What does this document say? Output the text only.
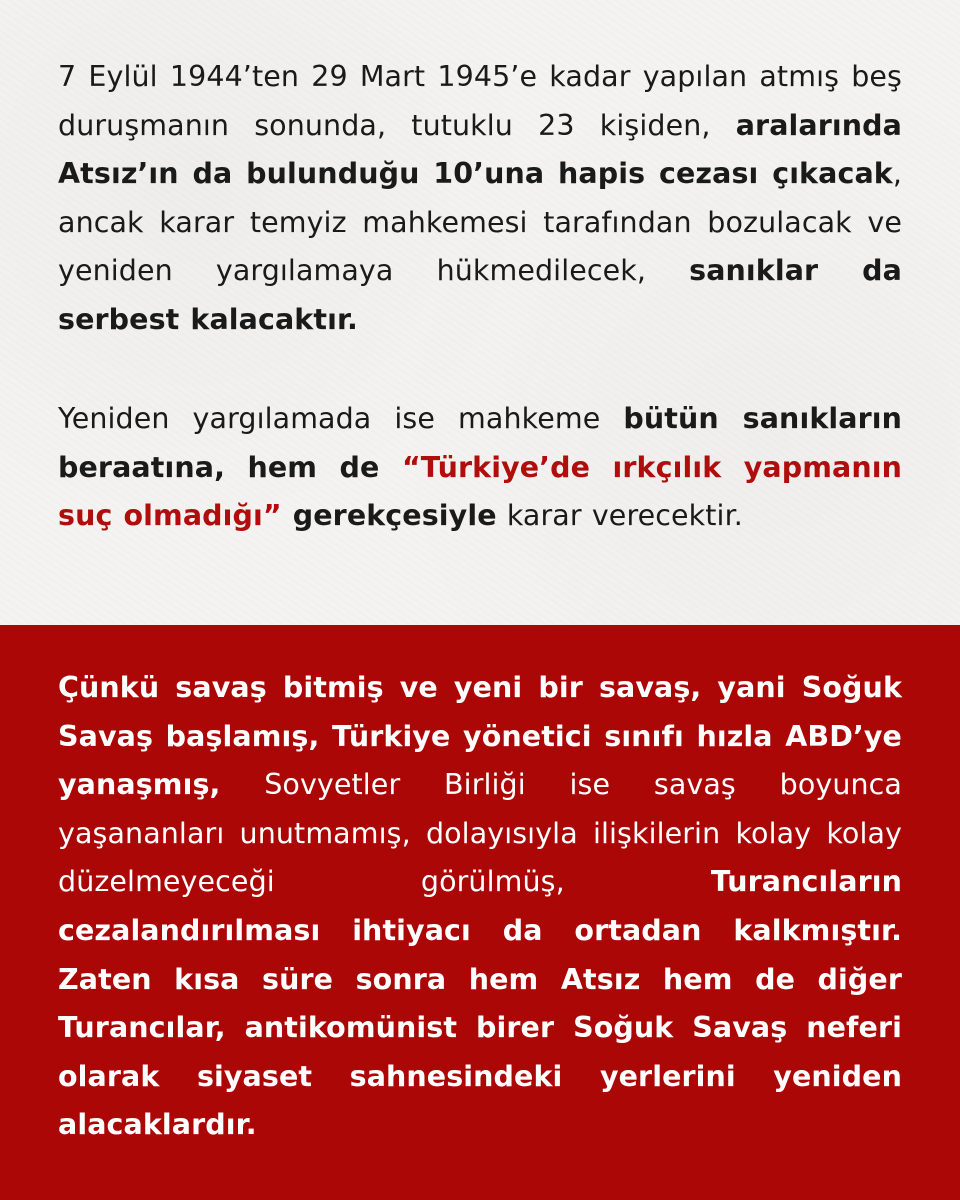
7 Eylül 1944’ten 29 Mart 1945’e kadar yapılan atmış beş duruşmanın sonunda, tutuklu 23 kişiden, aralarında Atsız’ın da bulunduğu 10’una hapis cezası çıkacak, ancak karar temyiz mahkemesi tarafından bozulacak ve yeniden yargılamaya hükmedilecek, sanıklar da serbest kalacaktır.

Yeniden yargılamada ise mahkeme bütün sanıkların beraatına, hem de “Türkiye’de ırkçılık yapmanın suç olmadığı” gerekçesiyle karar verecektir.

Çünkü savaş bitmiş ve yeni bir savaş, yani Soğuk Savaş başlamış, Türkiye yönetici sınıfı hızla ABD’ye yanaşmış, Sovyetler Birliği ise savaş boyunca yaşananları unutmamış, dolayısıyla ilişkilerin kolay kolay düzelmeyeceği görülmüş, Turancıların cezalandırılması ihtiyacı da ortadan kalkmıştır. Zaten kısa süre sonra hem Atsız hem de diğer Turancılar, antikomünist birer Soğuk Savaş neferi olarak siyaset sahnesindeki yerlerini yeniden alacaklardır.
